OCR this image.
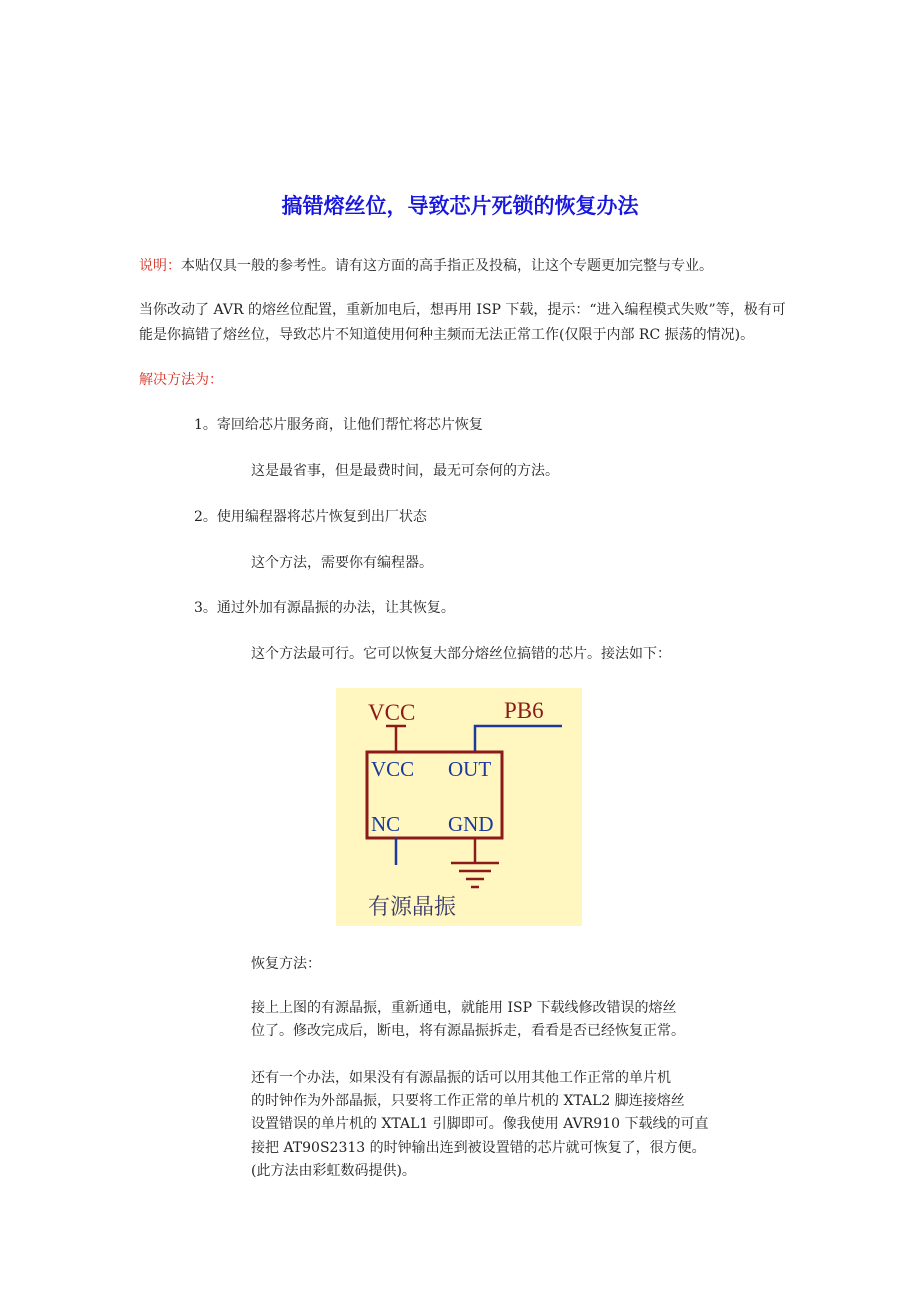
搞错熔丝位，导致芯片死锁的恢复办法
说明：本贴仅具一般的参考性。请有这方面的高手指正及投稿，让这个专题更加完整与专业。
当你改动了 AVR 的熔丝位配置，重新加电后，想再用 ISP 下载，提示：“进入编程模式失败”等，极有可
能是你搞错了熔丝位，导致芯片不知道使用何种主频而无法正常工作(仅限于内部 RC 振荡的情况)。
解决方法为：
1。寄回给芯片服务商，让他们帮忙将芯片恢复
这是最省事，但是最费时间，最无可奈何的方法。
2。使用编程器将芯片恢复到出厂状态
这个方法，需要你有编程器。
3。通过外加有源晶振的办法，让其恢复。
这个方法最可行。它可以恢复大部分熔丝位搞错的芯片。接法如下：
VCC	PB6
VCC OUT
NC GND
有源晶振
恢复方法：
接上上图的有源晶振，重新通电，就能用 ISP 下载线修改错误的熔丝
位了。修改完成后，断电，将有源晶振拆走，看看是否已经恢复正常。
还有一个办法，如果没有有源晶振的话可以用其他工作正常的单片机
的时钟作为外部晶振，只要将工作正常的单片机的 XTAL2 脚连接熔丝
设置错误的单片机的 XTAL1 引脚即可。像我使用 AVR910 下载线的可直
接把 AT90S2313 的时钟输出连到被设置错的芯片就可恢复了，很方便。
(此方法由彩虹数码提供)。
